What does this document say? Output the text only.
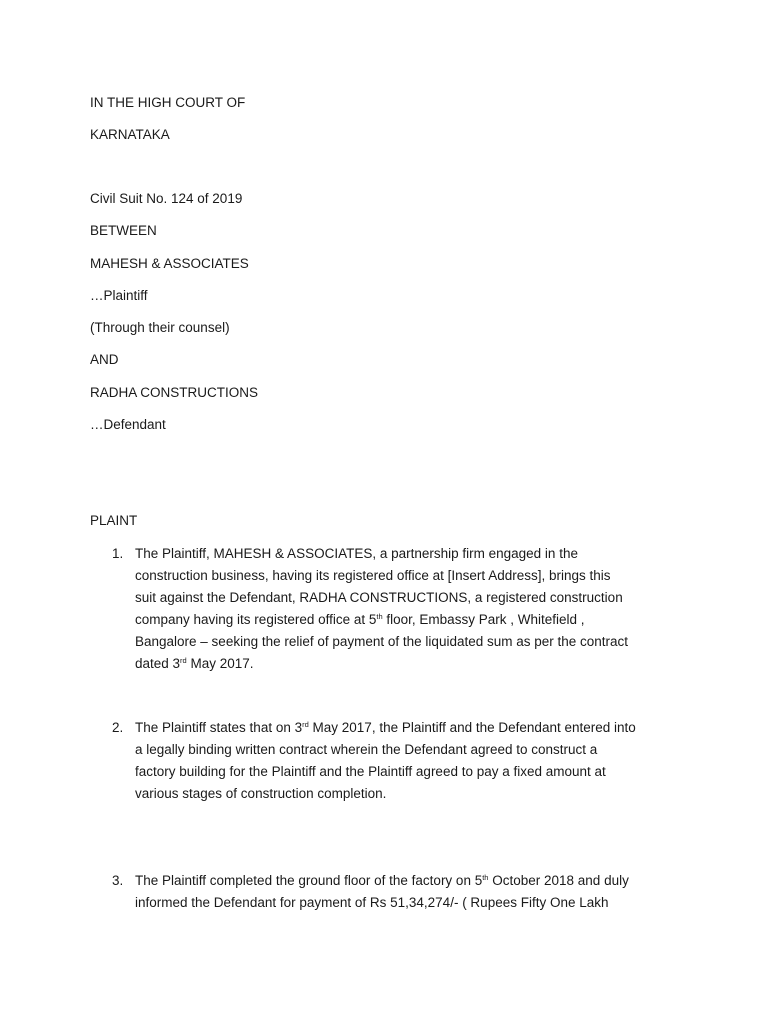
IN THE HIGH COURT OF
KARNATAKA
Civil Suit No. 124 of 2019
BETWEEN
MAHESH & ASSOCIATES
…Plaintiff
(Through their counsel)
AND
RADHA CONSTRUCTIONS
…Defendant
PLAINT
1. The Plaintiff, MAHESH & ASSOCIATES, a partnership firm engaged in the
construction business, having its registered office at [Insert Address], brings this
suit against the Defendant, RADHA CONSTRUCTIONS, a registered construction
company having its registered office at 5th floor, Embassy Park , Whitefield ,
Bangalore – seeking the relief of payment of the liquidated sum as per the contract
dated 3rd May 2017.
2. The Plaintiff states that on 3rd May 2017, the Plaintiff and the Defendant entered into
a legally binding written contract wherein the Defendant agreed to construct a
factory building for the Plaintiff and the Plaintiff agreed to pay a fixed amount at
various stages of construction completion.
3. The Plaintiff completed the ground floor of the factory on 5th October 2018 and duly
informed the Defendant for payment of Rs 51,34,274/- ( Rupees Fifty One Lakh
